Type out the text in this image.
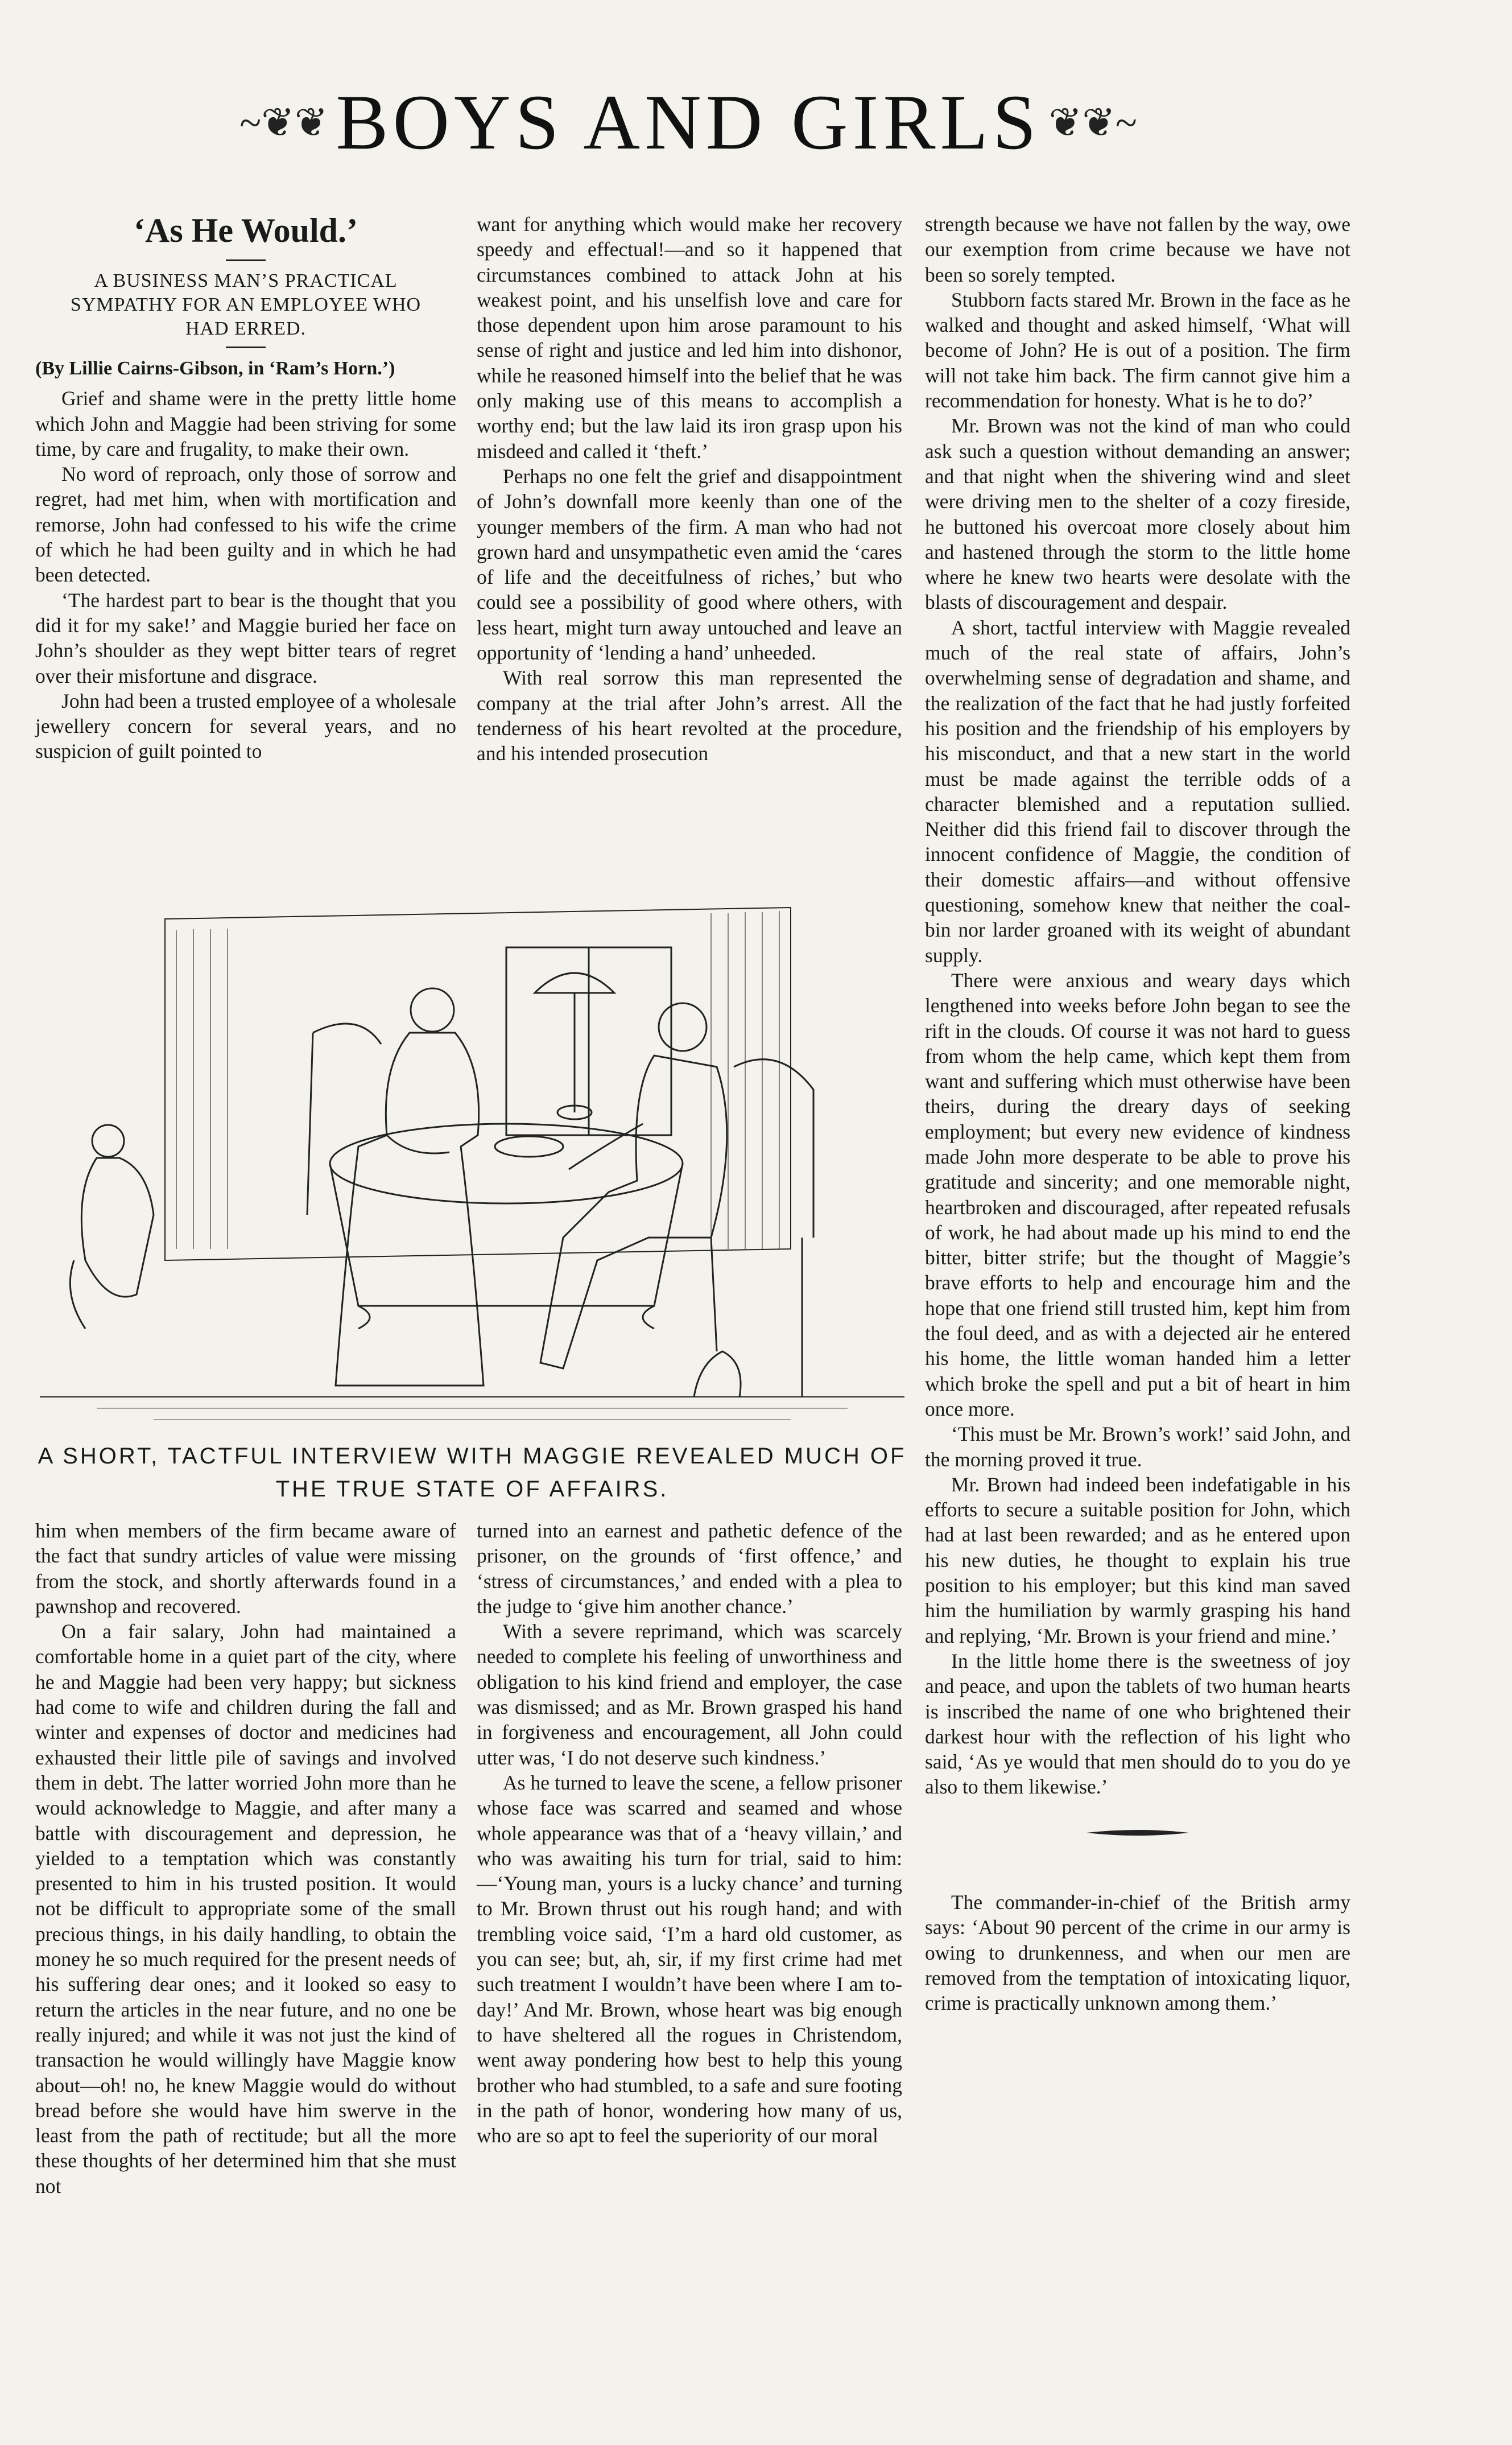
~❦❦ BOYS AND GIRLS ❦❦~
‘As He Would.’
A BUSINESS MAN’S PRACTICAL SYMPATHY FOR AN EMPLOYEE WHO HAD ERRED.
(By Lillie Cairns-Gibson, in ‘Ram’s Horn.’)

Grief and shame were in the pretty little home which John and Maggie had been striving for some time, by care and frugality, to make their own.

No word of reproach, only those of sorrow and regret, had met him, when with mortification and remorse, John had confessed to his wife the crime of which he had been guilty and in which he had been detected.

‘The hardest part to bear is the thought that you did it for my sake!’ and Maggie buried her face on John’s shoulder as they wept bitter tears of regret over their misfortune and disgrace.

John had been a trusted employee of a wholesale jewellery concern for several years, and no suspicion of guilt pointed to

want for anything which would make her recovery speedy and effectual!—and so it happened that circumstances combined to attack John at his weakest point, and his unselfish love and care for those dependent upon him arose paramount to his sense of right and justice and led him into dishonor, while he reasoned himself into the belief that he was only making use of this means to accomplish a worthy end; but the law laid its iron grasp upon his misdeed and called it ‘theft.’

Perhaps no one felt the grief and disappointment of John’s downfall more keenly than one of the younger members of the firm. A man who had not grown hard and unsympathetic even amid the ‘cares of life and the deceitfulness of riches,’ but who could see a possibility of good where others, with less heart, might turn away untouched and leave an opportunity of ‘lending a hand’ unheeded.

With real sorrow this man represented the company at the trial after John’s arrest. All the tenderness of his heart revolted at the procedure, and his intended prosecution

A SHORT, TACTFUL INTERVIEW WITH MAGGIE REVEALED MUCH OF THE TRUE STATE OF AFFAIRS.

him when members of the firm became aware of the fact that sundry articles of value were missing from the stock, and shortly afterwards found in a pawnshop and recovered.

On a fair salary, John had maintained a comfortable home in a quiet part of the city, where he and Maggie had been very happy; but sickness had come to wife and children during the fall and winter and expenses of doctor and medicines had exhausted their little pile of savings and involved them in debt. The latter worried John more than he would acknowledge to Maggie, and after many a battle with discouragement and depression, he yielded to a temptation which was constantly presented to him in his trusted position. It would not be difficult to appropriate some of the small precious things, in his daily handling, to obtain the money he so much required for the present needs of his suffering dear ones; and it looked so easy to return the articles in the near future, and no one be really injured; and while it was not just the kind of transaction he would willingly have Maggie know about—oh! no, he knew Maggie would do without bread before she would have him swerve in the least from the path of rectitude; but all the more these thoughts of her determined him that she must not

turned into an earnest and pathetic defence of the prisoner, on the grounds of ‘first offence,’ and ‘stress of circumstances,’ and ended with a plea to the judge to ‘give him another chance.’

With a severe reprimand, which was scarcely needed to complete his feeling of unworthiness and obligation to his kind friend and employer, the case was dismissed; and as Mr. Brown grasped his hand in forgiveness and encouragement, all John could utter was, ‘I do not deserve such kindness.’

As he turned to leave the scene, a fellow prisoner whose face was scarred and seamed and whose whole appearance was that of a ‘heavy villain,’ and who was awaiting his turn for trial, said to him:—‘Young man, yours is a lucky chance’ and turning to Mr. Brown thrust out his rough hand; and with trembling voice said, ‘I’m a hard old customer, as you can see; but, ah, sir, if my first crime had met such treatment I wouldn’t have been where I am to-day!’ And Mr. Brown, whose heart was big enough to have sheltered all the rogues in Christendom, went away pondering how best to help this young brother who had stumbled, to a safe and sure footing in the path of honor, wondering how many of us, who are so apt to feel the superiority of our moral

strength because we have not fallen by the way, owe our exemption from crime because we have not been so sorely tempted.

Stubborn facts stared Mr. Brown in the face as he walked and thought and asked himself, ‘What will become of John? He is out of a position. The firm will not take him back. The firm cannot give him a recommendation for honesty. What is he to do?’

Mr. Brown was not the kind of man who could ask such a question without demanding an answer; and that night when the shivering wind and sleet were driving men to the shelter of a cozy fireside, he buttoned his overcoat more closely about him and hastened through the storm to the little home where he knew two hearts were desolate with the blasts of discouragement and despair.

A short, tactful interview with Maggie revealed much of the real state of affairs, John’s overwhelming sense of degradation and shame, and the realization of the fact that he had justly forfeited his position and the friendship of his employers by his misconduct, and that a new start in the world must be made against the terrible odds of a character blemished and a reputation sullied. Neither did this friend fail to discover through the innocent confidence of Maggie, the condition of their domestic affairs—and without offensive questioning, somehow knew that neither the coal-bin nor larder groaned with its weight of abundant supply.

There were anxious and weary days which lengthened into weeks before John began to see the rift in the clouds. Of course it was not hard to guess from whom the help came, which kept them from want and suffering which must otherwise have been theirs, during the dreary days of seeking employment; but every new evidence of kindness made John more desperate to be able to prove his gratitude and sincerity; and one memorable night, heartbroken and discouraged, after repeated refusals of work, he had about made up his mind to end the bitter, bitter strife; but the thought of Maggie’s brave efforts to help and encourage him and the hope that one friend still trusted him, kept him from the foul deed, and as with a dejected air he entered his home, the little woman handed him a letter which broke the spell and put a bit of heart in him once more.

‘This must be Mr. Brown’s work!’ said John, and the morning proved it true.

Mr. Brown had indeed been indefatigable in his efforts to secure a suitable position for John, which had at last been rewarded; and as he entered upon his new duties, he thought to explain his true position to his employer; but this kind man saved him the humiliation by warmly grasping his hand and replying, ‘Mr. Brown is your friend and mine.’

In the little home there is the sweetness of joy and peace, and upon the tablets of two human hearts is inscribed the name of one who brightened their darkest hour with the reflection of his light who said, ‘As ye would that men should do to you do ye also to them likewise.’

The commander-in-chief of the British army says: ‘About 90 percent of the crime in our army is owing to drunkenness, and when our men are removed from the temptation of intoxicating liquor, crime is practically unknown among them.’
